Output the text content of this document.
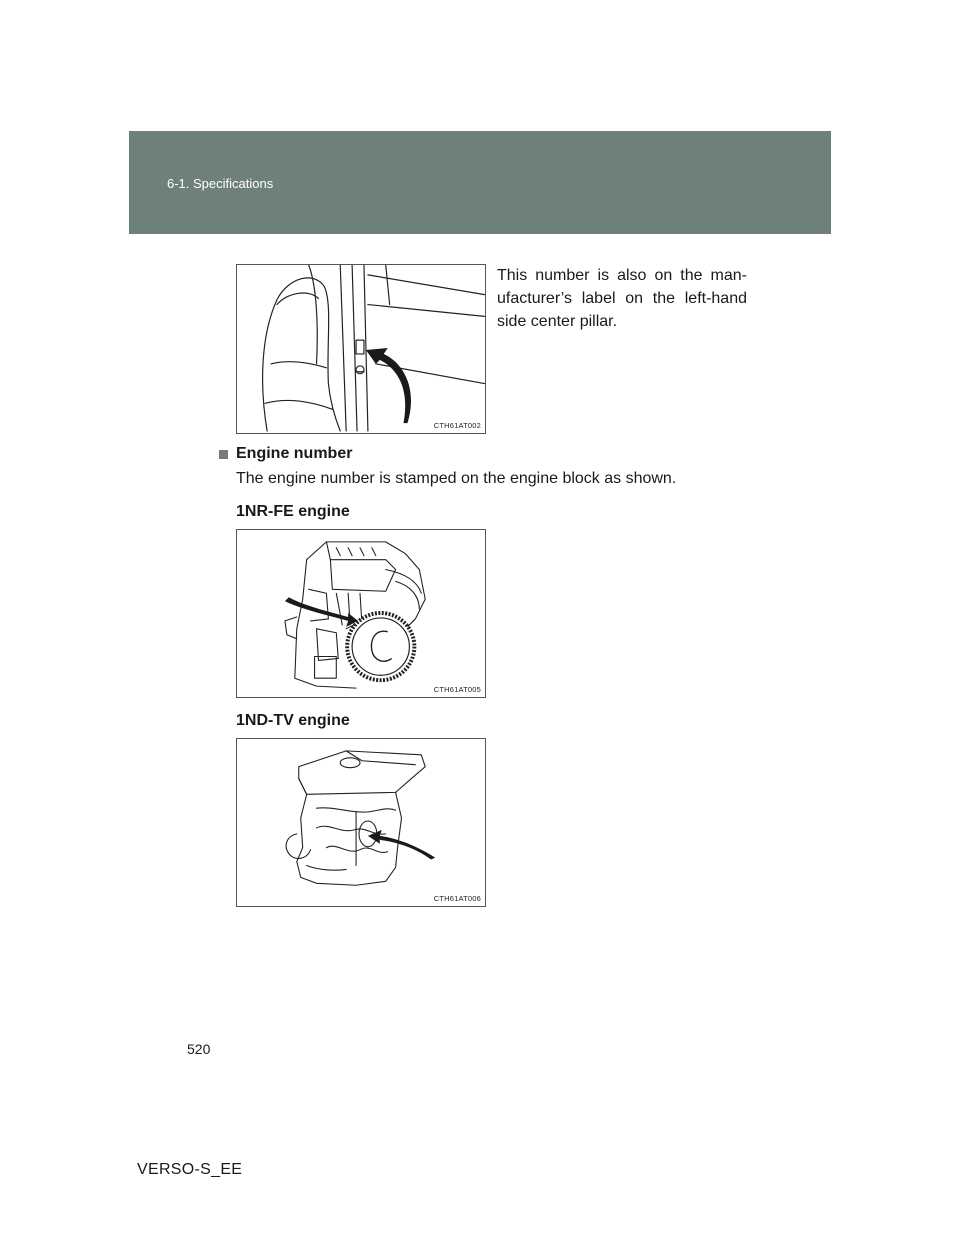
6-1. Specifications
CTH61AT002
This number is also on the man-ufacturer’s label on the left-hand side center pillar.
Engine number
The engine number is stamped on the engine block as shown.
1NR-FE engine
CTH61AT005
1ND-TV engine
CTH61AT006
520
VERSO-S_EE
